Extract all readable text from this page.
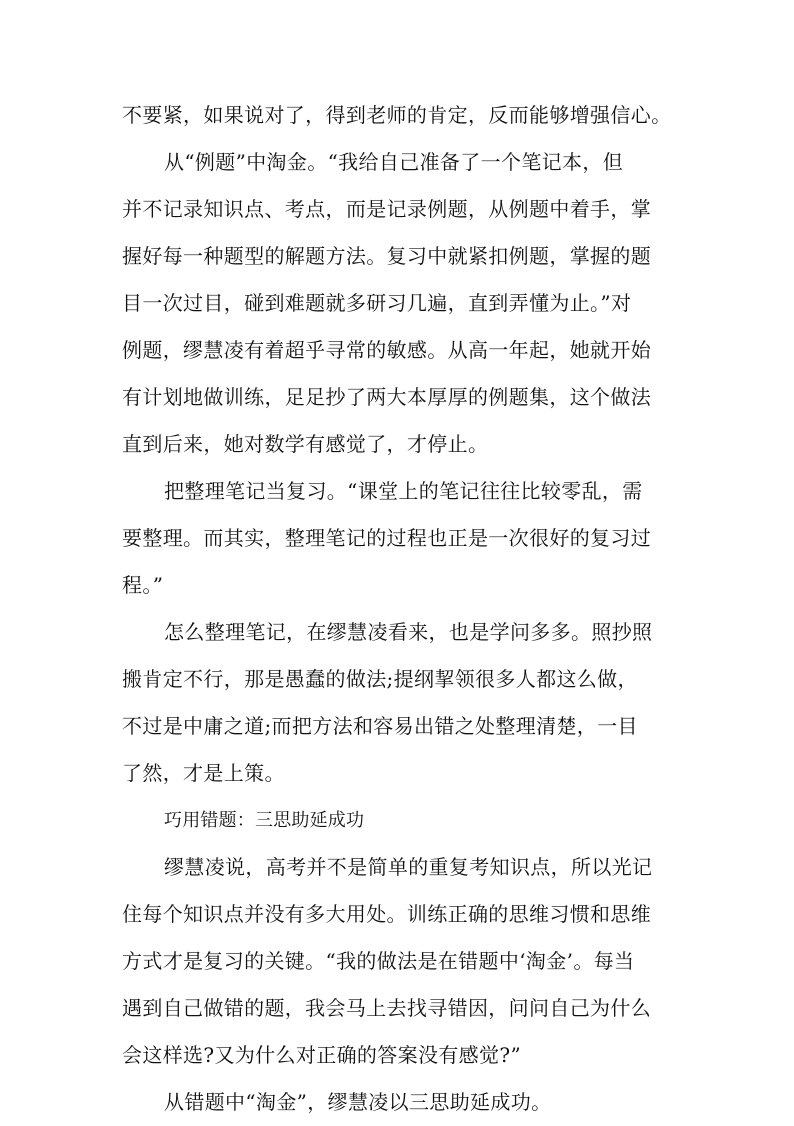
不要紧，如果说对了，得到老师的肯定，反而能够增强信心。
从“例题”中淘金。“我给自己准备了一个笔记本，但
并不记录知识点、考点，而是记录例题，从例题中着手，掌
握好每一种题型的解题方法。复习中就紧扣例题，掌握的题
目一次过目，碰到难题就多研习几遍，直到弄懂为止。”对
例题，缪慧凌有着超乎寻常的敏感。从高一年起，她就开始
有计划地做训练，足足抄了两大本厚厚的例题集，这个做法
直到后来，她对数学有感觉了，才停止。
把整理笔记当复习。“课堂上的笔记往往比较零乱，需
要整理。而其实，整理笔记的过程也正是一次很好的复习过
程。”
怎么整理笔记，在缪慧凌看来，也是学问多多。照抄照
搬肯定不行，那是愚蠢的做法;提纲挈领很多人都这么做，
不过是中庸之道;而把方法和容易出错之处整理清楚，一目
了然，才是上策。
巧用错题：三思助延成功
缪慧凌说，高考并不是简单的重复考知识点，所以光记
住每个知识点并没有多大用处。训练正确的思维习惯和思维
方式才是复习的关键。“我的做法是在错题中‘淘金’。每当
遇到自己做错的题，我会马上去找寻错因，问问自己为什么
会这样选?又为什么对正确的答案没有感觉?”
从错题中“淘金”，缪慧凌以三思助延成功。
